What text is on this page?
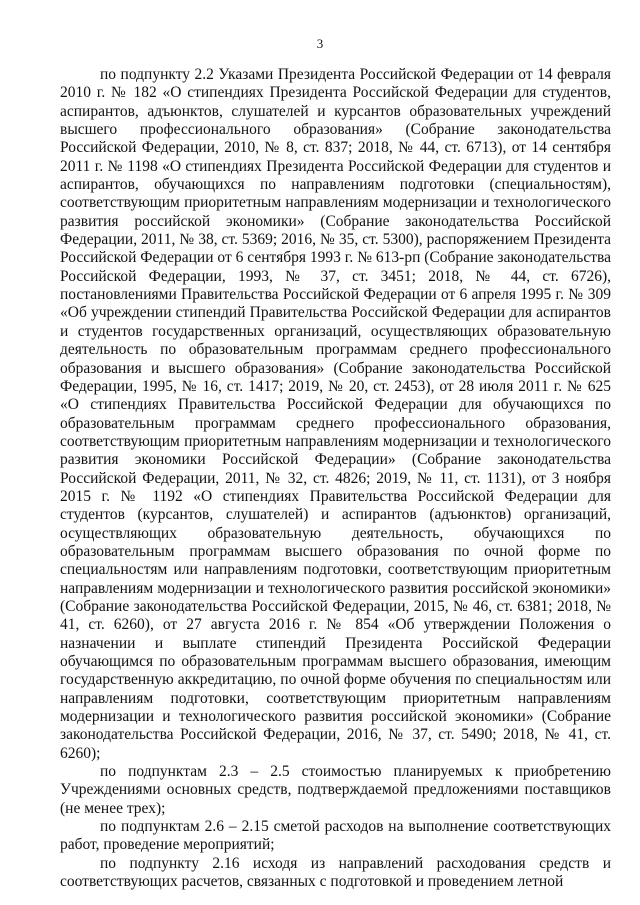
3

по подпункту 2.2 Указами Президента Российской Федерации от 14 февраля 2010 г. № 182 «О стипендиях Президента Российской Федерации для студентов, аспирантов, адъюнктов, слушателей и курсантов образовательных учреждений высшего профессионального образования» (Собрание законодательства Российской Федерации, 2010, № 8, ст. 837; 2018, № 44, ст. 6713), от 14 сентября 2011 г. № 1198 «О стипендиях Президента Российской Федерации для студентов и аспирантов, обучающихся по направлениям подготовки (специальностям), соответствующим приоритетным направлениям модернизации и технологического развития российской экономики» (Собрание законодательства Российской Федерации, 2011, № 38, ст. 5369; 2016, № 35, ст. 5300), распоряжением Президента Российской Федерации от 6 сентября 1993 г. № 613-рп (Собрание законодательства Российской Федерации, 1993, № 37, ст. 3451; 2018, № 44, ст. 6726), постановлениями Правительства Российской Федерации от 6 апреля 1995 г. № 309 «Об учреждении стипендий Правительства Российской Федерации для аспирантов и студентов государственных организаций, осуществляющих образовательную деятельность по образовательным программам среднего профессионального образования и высшего образования» (Собрание законодательства Российской Федерации, 1995, № 16, ст. 1417; 2019, № 20, ст. 2453), от 28 июля 2011 г. № 625 «О стипендиях Правительства Российской Федерации для обучающихся по образовательным программам среднего профессионального образования, соответствующим приоритетным направлениям модернизации и технологического развития экономики Российской Федерации» (Собрание законодательства Российской Федерации, 2011, № 32, ст. 4826; 2019, № 11, ст. 1131), от 3 ноября 2015 г. № 1192 «О стипендиях Правительства Российской Федерации для студентов (курсантов, слушателей) и аспирантов (адъюнктов) организаций, осуществляющих образовательную деятельность, обучающихся по образовательным программам высшего образования по очной форме по специальностям или направлениям подготовки, соответствующим приоритетным направлениям модернизации и технологического развития российской экономики» (Собрание законодательства Российской Федерации, 2015, № 46, ст. 6381; 2018, № 41, ст. 6260), от 27 августа 2016 г. № 854 «Об утверждении Положения о назначении и выплате стипендий Президента Российской Федерации обучающимся по образовательным программам высшего образования, имеющим государственную аккредитацию, по очной форме обучения по специальностям или направлениям подготовки, соответствующим приоритетным направлениям модернизации и технологического развития российской экономики» (Собрание законодательства Российской Федерации, 2016, № 37, ст. 5490; 2018, № 41, ст. 6260);

по подпунктам 2.3 – 2.5 стоимостью планируемых к приобретению Учреждениями основных средств, подтверждаемой предложениями поставщиков (не менее трех);

по подпунктам 2.6 – 2.15 сметой расходов на выполнение соответствующих работ, проведение мероприятий;

по подпункту 2.16 исходя из направлений расходования средств и соответствующих расчетов, связанных с подготовкой и проведением летной
